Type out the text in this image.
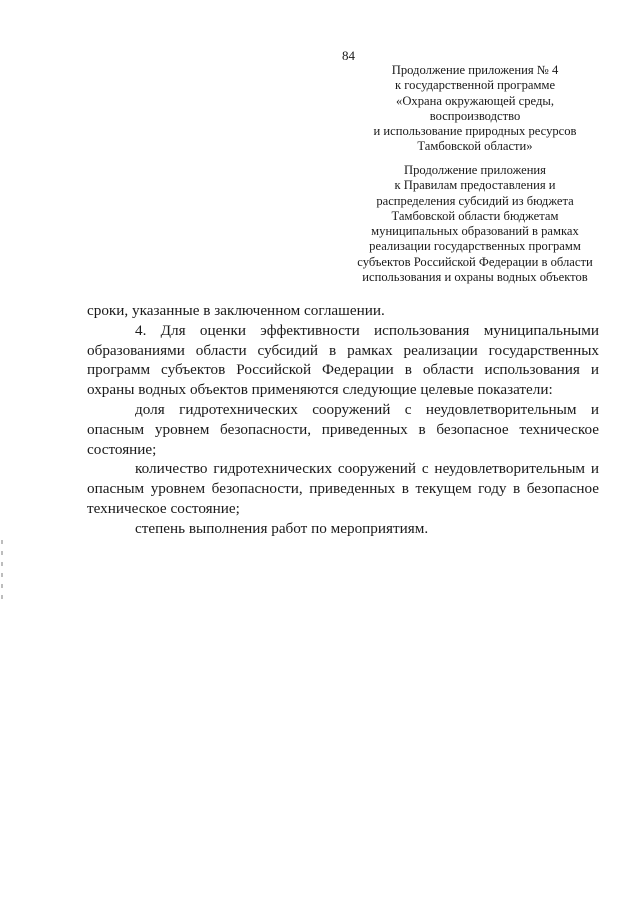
84
Продолжение приложения № 4
к государственной программе
«Охрана окружающей среды,
воспроизводство
и использование природных ресурсов
Тамбовской области»
Продолжение приложения
к Правилам предоставления и
распределения субсидий из бюджета
Тамбовской области бюджетам
муниципальных образований в рамках
реализации государственных программ
субъектов Российской Федерации в области
использования и охраны водных объектов

сроки, указанные в заключенном соглашении.

4. Для оценки эффективности использования муниципальными образованиями области субсидий в рамках реализации государственных программ субъектов Российской Федерации в области использования и охраны водных объектов применяются следующие целевые показатели:

доля гидротехнических сооружений с неудовлетворительным и опасным уровнем безопасности, приведенных в безопасное техническое состояние;

количество гидротехнических сооружений с неудовлетворительным и опасным уровнем безопасности, приведенных в текущем году в безопасное техническое состояние;

степень выполнения работ по мероприятиям.
